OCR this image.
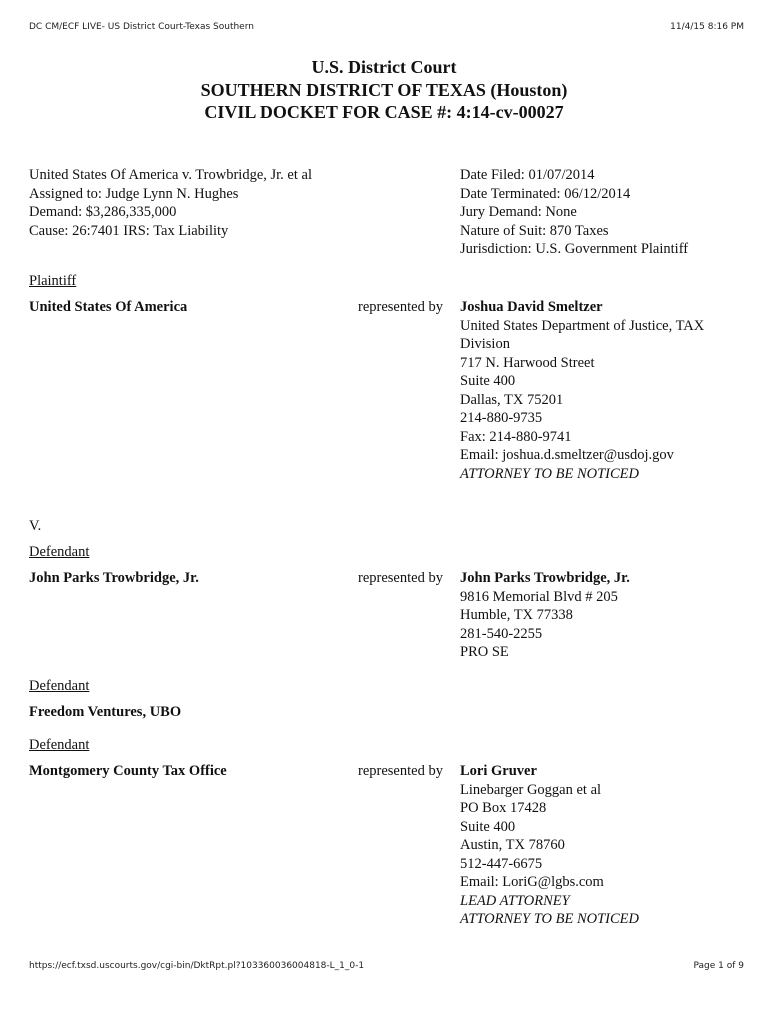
DC CM/ECF LIVE- US District Court-Texas Southern	11/4/15 8:16 PM
U.S. District Court
SOUTHERN DISTRICT OF TEXAS (Houston)
CIVIL DOCKET FOR CASE #: 4:14-cv-00027
United States Of America v. Trowbridge, Jr. et al
Assigned to: Judge Lynn N. Hughes
Demand: $3,286,335,000
Cause: 26:7401 IRS: Tax Liability
Date Filed: 01/07/2014
Date Terminated: 06/12/2014
Jury Demand: None
Nature of Suit: 870 Taxes
Jurisdiction: U.S. Government Plaintiff
Plaintiff
United States Of America	represented by Joshua David Smeltzer
United States Department of Justice, TAX
Division
717 N. Harwood Street
Suite 400
Dallas, TX 75201
214-880-9735
Fax: 214-880-9741
Email: joshua.d.smeltzer@usdoj.gov
ATTORNEY TO BE NOTICED
V.
Defendant
John Parks Trowbridge, Jr.	represented by John Parks Trowbridge, Jr.
9816 Memorial Blvd # 205
Humble, TX 77338
281-540-2255
PRO SE
Defendant
Freedom Ventures, UBO
Defendant
Montgomery County Tax Office	represented by Lori Gruver
Linebarger Goggan et al
PO Box 17428
Suite 400
Austin, TX 78760
512-447-6675
Email: LoriG@lgbs.com
LEAD ATTORNEY
ATTORNEY TO BE NOTICED
https://ecf.txsd.uscourts.gov/cgi-bin/DktRpt.pl?103360036004818-L_1_0-1	Page 1 of 9
